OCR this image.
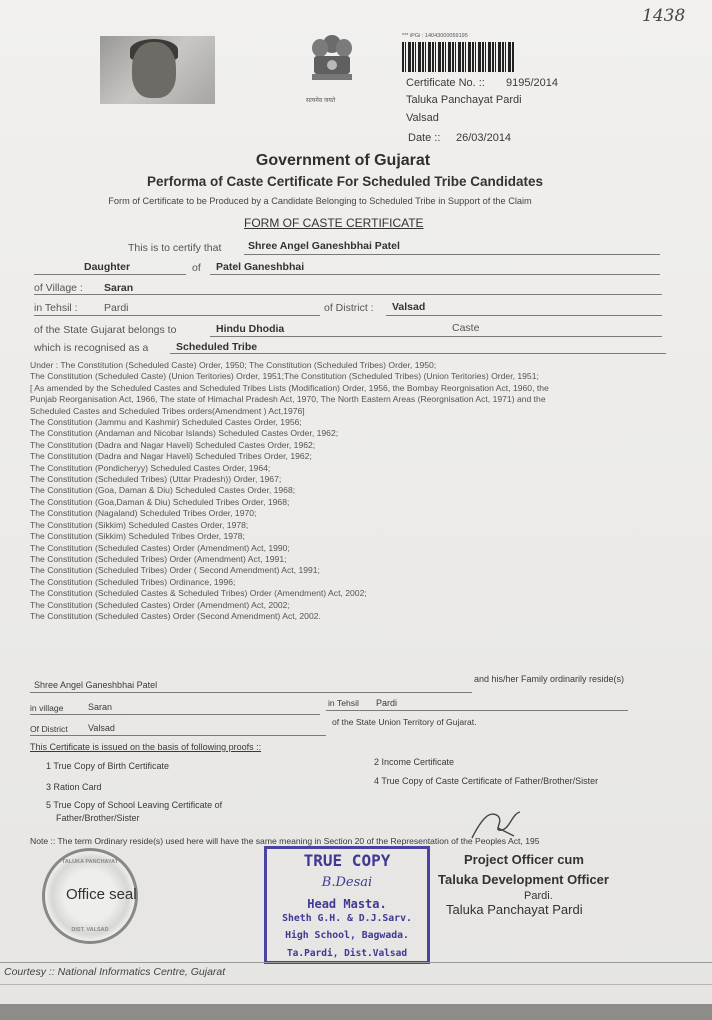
1438
सत्यमेव जयते
*** iPGi : 14043000059195
Certificate No. :: 9195/2014
Taluka Panchayat Pardi
Valsad
Date :: 26/03/2014
Government of Gujarat
Performa of Caste Certificate For Scheduled Tribe Candidates
Form of Certificate to be Produced by a Candidate Belonging to Scheduled Tribe in Support of the Claim
FORM OF CASTE CERTIFICATE
This is to certify that	Shree Angel Ganeshbhai Patel
Daughter	of Patel Ganeshbhai
of Village : Saran
in Tehsil :	Pardi	of District : Valsad
of the State Gujarat belongs to	Hindu Dhodia	Caste
which is recognised as a	Scheduled Tribe
Under : The Constitution (Scheduled Caste) Order, 1950; The Constitution (Scheduled Tribes) Order, 1950;
The Constitution (Scheduled Caste) (Union Teritories) Order, 1951;The Constitution (Scheduled Tribes) (Union Teritories) Order, 1951;
[ As amended by the Scheduled Castes and Scheduled Tribes Lists (Modification) Order, 1956, the Bombay Reorgnisation Act, 1960, the
Punjab Reorganisation Act, 1966, The state of Himachal Pradesh Act, 1970, The North Eastern Areas (Reorgnisation Act, 1971) and the
Scheduled Castes and Scheduled Tribes orders(Amendment ) Act,1976]
The Constitution (Jammu and Kashmir) Scheduled Castes Order, 1956;
The Constitution (Andaman and Nicobar Islands) Scheduled Castes Order, 1962;
The Constitution (Dadra and Nagar Haveli) Scheduled Castes Order, 1962;
The Constitution (Dadra and Nagar Haveli) Scheduled Tribes Order, 1962;
The Constitution (Pondicheryy) Scheduled Castes Order, 1964;
The Constitution (Scheduled Tribes) (Uttar Pradesh)) Order, 1967;
The Constitution (Goa, Daman & Diu) Scheduled Castes Order, 1968;
The Constitution (Goa,Daman & Diu) Scheduled Tribes Order, 1968;
The Constitution (Nagaland) Scheduled Tribes Order, 1970;
The Constitution (Sikkim) Scheduled Castes Order, 1978;
The Constitution (Sikkim) Scheduled Tribes Order, 1978;
The Constitution (Scheduled Castes) Order (Amendment) Act, 1990;
The Constitution (Scheduled Tribes) Order (Amendment) Act, 1991;
The Constitution (Scheduled Tribes) Order ( Second Amendment) Act, 1991;
The Constitution (Scheduled Tribes) Ordinance, 1996;
The Constitution (Scheduled Castes & Scheduled Tribes) Order (Amendment) Act, 2002;
The Constitution (Scheduled Castes) Order (Amendment) Act, 2002;
The Constitution (Scheduled Castes) Order (Second Amendment) Act, 2002.
Shree Angel Ganeshbhai Patel
and his/her Family ordinarily reside(s)
in village	Saran	in Tehsil Pardi
Of District Valsad
of the State Union Territory of Gujarat.
This Certificate is issued on the basis of following proofs ::
1 True Copy of Birth Certificate	2 Income Certificate
3 Ration Card
4 True Copy of Caste Certificate of Father/Brother/Sister
5 True Copy of School Leaving Certificate of
Father/Brother/Sister
Note :: The term Ordinary reside(s) used here will have the same meaning in Section 20 of the Representation of the Peoples Act, 195
TALUKA PANCHAYAT
DIST. VALSAD
Office seal
TRUE COPY
B.Desai
Head Masta.
Sheth G.H. & D.J.Sarv.
High School, Bagwada.
Ta.Pardi, Dist.Valsad
Project Officer cum
Taluka Development Officer
Pardi.
Taluka Panchayat Pardi
Courtesy :: National Informatics Centre, Gujarat
